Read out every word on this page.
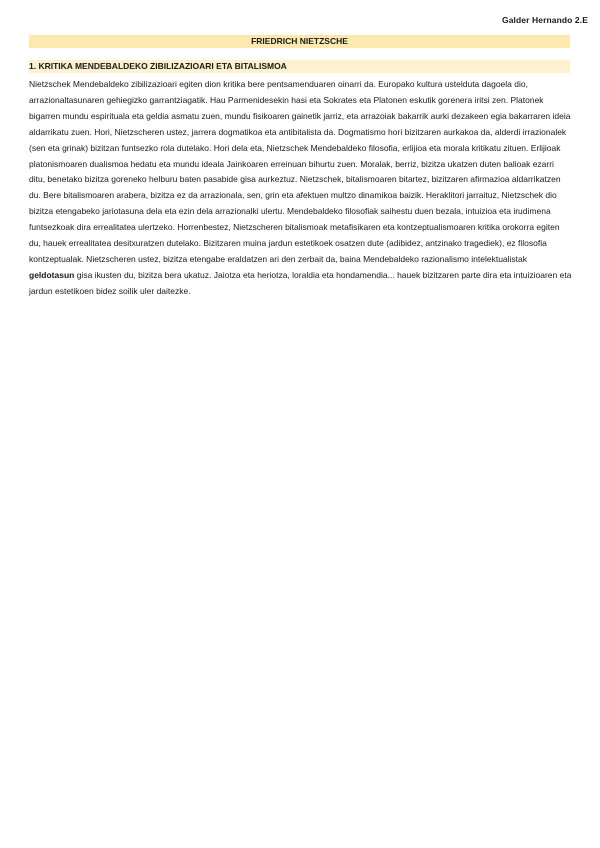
Galder Hernando 2.E
FRIEDRICH NIETZSCHE
1. KRITIKA MENDEBALDEKO ZIBILIZAZIOARI ETA BITALISMOA

Nietzschek Mendebaldeko zibilizazioari egiten dion kritika bere pentsamenduaren oinarri da. Europako kultura ustelduta dagoela dio, arrazionaltasunaren gehiegizko garrantziagatik. Hau Parmenidesekin hasi eta Sokrates eta Platonen eskutik gorenera iritsi zen. Platonek bigarren mundu espirituala eta geldia asmatu zuen, mundu fisikoaren gainetik jarriz, eta arrazoiak bakarrik aurki dezakeen egia bakarraren ideia aldarrikatu zuen. Hori, Nietzscheren ustez, jarrera dogmatikoa eta antibitalista da. Dogmatismo hori bizitzaren aurkakoa da, alderdi irrazionalek (sen eta grinak) bizitzan funtsezko rola dutelako. Hori dela eta, Nietzschek Mendebaldeko filosofia, erlijioa eta morala kritikatu zituen. Erlijioak platonismoaren dualismoa hedatu eta mundu ideala Jainkoaren erreinuan bihurtu zuen. Moralak, berriz, bizitza ukatzen duten balioak ezarri ditu, benetako bizitza goreneko helburu baten pasabide gisa aurkeztuz. Nietzschek, bitalismoaren bitartez, bizitzaren afirmazioa aldarrikatzen du. Bere bitalismoaren arabera, bizitza ez da arrazionala, sen, grin eta afektuen multzo dinamikoa baizik. Heraklitori jarraituz, Nietzschek dio bizitza etengabeko jariotasuna dela eta ezin dela arrazionalki ulertu. Mendebaldeko filosofiak saihestu duen bezala, intuizioa eta irudimena funtsezkoak dira errealitatea ulertzeko. Horrenbestez, Nietzscheren bitalismoak metafisikaren eta kontzeptualismoaren kritika orokorra egiten du, hauek errealitatea desitxuratzen dutelako. Bizitzaren muina jardun estetikoek osatzen dute (adibidez, antzinako tragediek), ez filosofia kontzeptualak. Nietzscheren ustez, bizitza etengabe eraldatzen ari den zerbait da, baina Mendebaldeko razionalismo intelektualistak geldotasun gisa ikusten du, bizitza bera ukatuz. Jaiotza eta heriotza, loraldia eta hondamendia... hauek bizitzaren parte dira eta intuizioaren eta jardun estetikoen bidez soilik uler daitezke.
